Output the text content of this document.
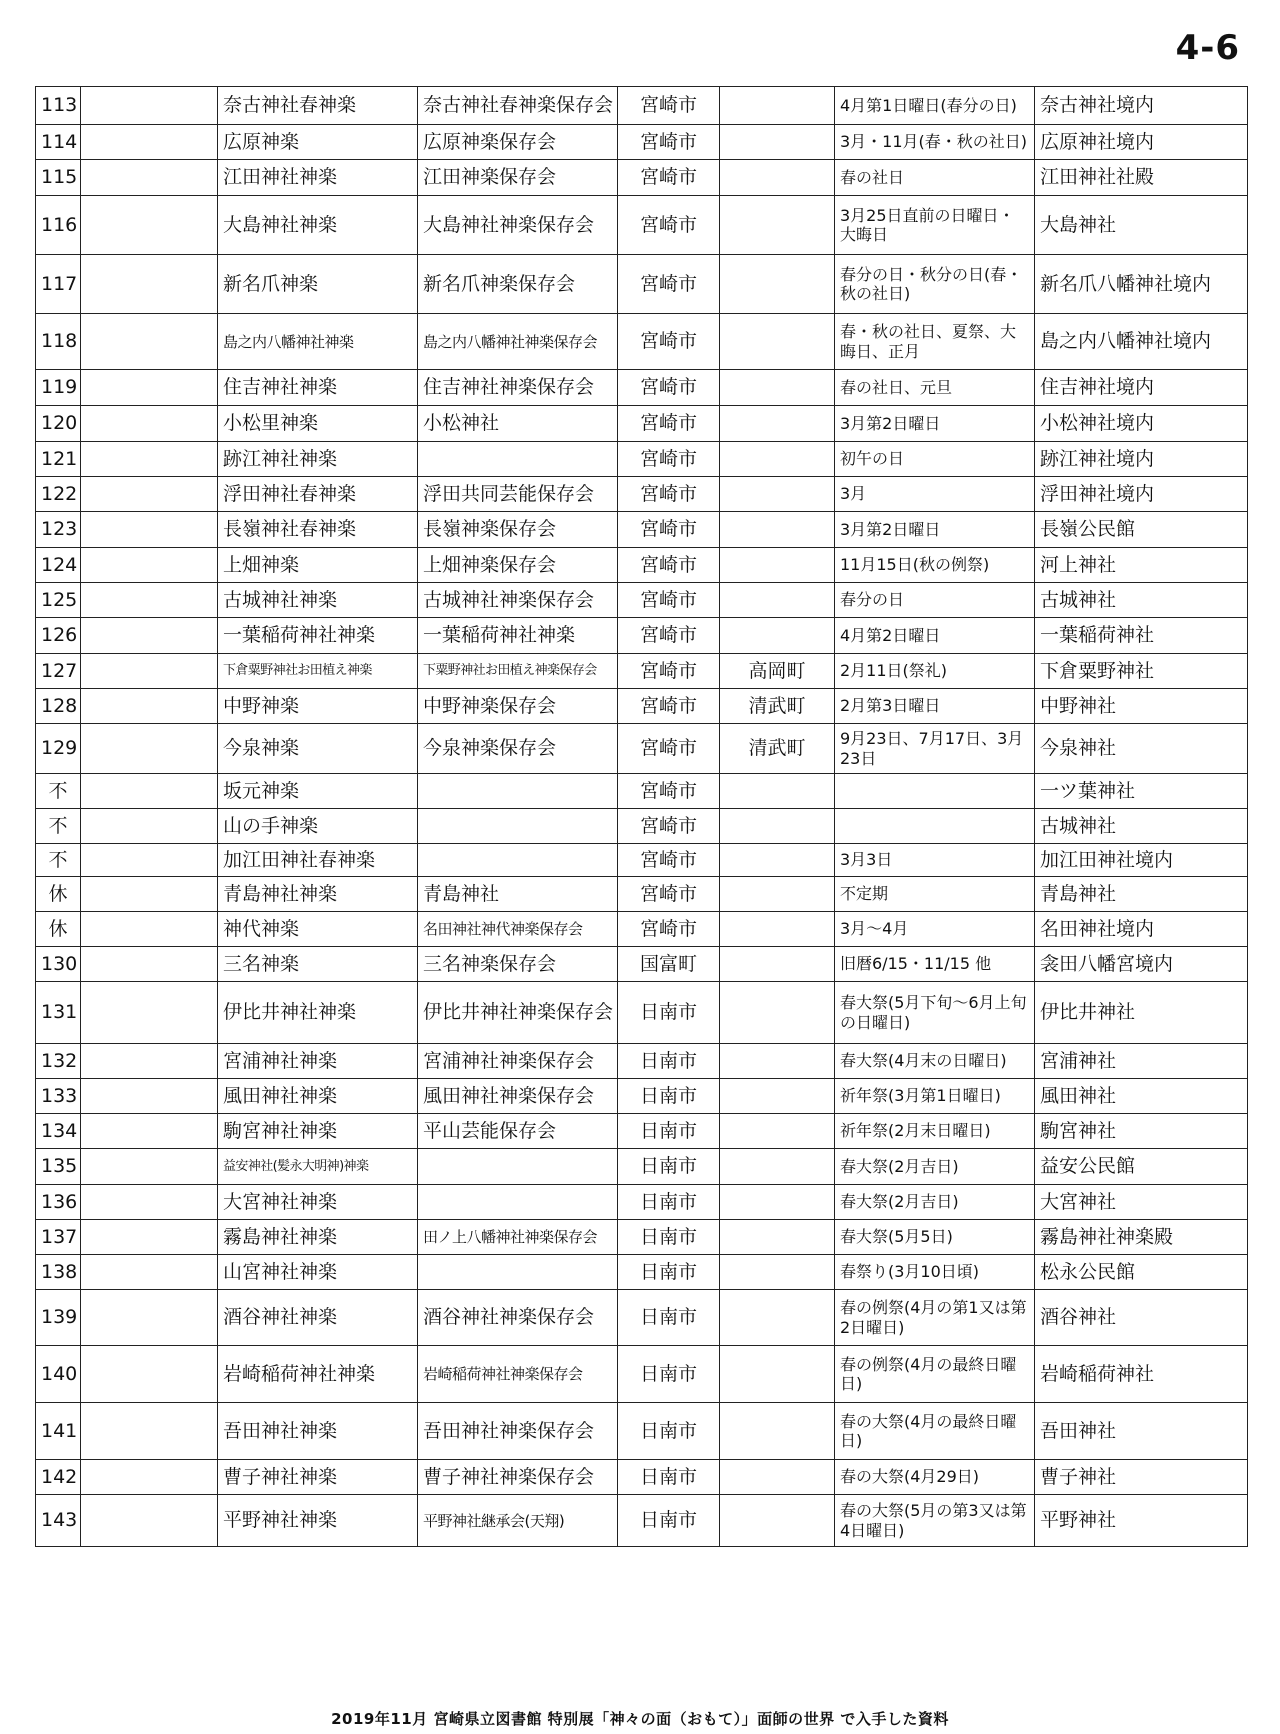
4-6
113		奈古神社春神楽	奈古神社春神楽保存会	宮崎市		4月第1日曜日(春分の日)	奈古神社境内
114		広原神楽	広原神楽保存会	宮崎市		3月・11月(春・秋の社日)	広原神社境内
115		江田神社神楽	江田神楽保存会	宮崎市		春の社日	江田神社社殿
116		大島神社神楽	大島神社神楽保存会	宮崎市		3月25日直前の日曜日・大晦日	大島神社
117		新名爪神楽	新名爪神楽保存会	宮崎市		春分の日・秋分の日(春・秋の社日)	新名爪八幡神社境内
118		島之内八幡神社神楽	島之内八幡神社神楽保存会	宮崎市		春・秋の社日、夏祭、大晦日、正月	島之内八幡神社境内
119		住吉神社神楽	住吉神社神楽保存会	宮崎市		春の社日、元旦	住吉神社境内
120		小松里神楽	小松神社	宮崎市		3月第2日曜日	小松神社境内
121		跡江神社神楽		宮崎市		初午の日	跡江神社境内
122		浮田神社春神楽	浮田共同芸能保存会	宮崎市		3月	浮田神社境内
123		長嶺神社春神楽	長嶺神楽保存会	宮崎市		3月第2日曜日	長嶺公民館
124		上畑神楽	上畑神楽保存会	宮崎市		11月15日(秋の例祭)	河上神社
125		古城神社神楽	古城神社神楽保存会	宮崎市		春分の日	古城神社
126		一葉稲荷神社神楽	一葉稲荷神社神楽	宮崎市		4月第2日曜日	一葉稲荷神社
127		下倉粟野神社お田植え神楽	下粟野神社お田植え神楽保存会	宮崎市	高岡町	2月11日(祭礼)	下倉粟野神社
128		中野神楽	中野神楽保存会	宮崎市	清武町	2月第3日曜日	中野神社
129		今泉神楽	今泉神楽保存会	宮崎市	清武町	9月23日、7月17日、3月23日	今泉神社
不		坂元神楽		宮崎市			一ツ葉神社
不		山の手神楽		宮崎市			古城神社
不		加江田神社春神楽		宮崎市		3月3日	加江田神社境内
休		青島神社神楽	青島神社	宮崎市		不定期	青島神社
休		神代神楽	名田神社神代神楽保存会	宮崎市		3月～4月	名田神社境内
130		三名神楽	三名神楽保存会	国富町		旧暦6/15・11/15 他	衾田八幡宮境内
131		伊比井神社神楽	伊比井神社神楽保存会	日南市		春大祭(5月下旬～6月上旬の日曜日)	伊比井神社
132		宮浦神社神楽	宮浦神社神楽保存会	日南市		春大祭(4月末の日曜日)	宮浦神社
133		風田神社神楽	風田神社神楽保存会	日南市		祈年祭(3月第1日曜日)	風田神社
134		駒宮神社神楽	平山芸能保存会	日南市		祈年祭(2月末日曜日)	駒宮神社
135		益安神社(髪永大明神)神楽		日南市		春大祭(2月吉日)	益安公民館
136		大宮神社神楽		日南市		春大祭(2月吉日)	大宮神社
137		霧島神社神楽	田ノ上八幡神社神楽保存会	日南市		春大祭(5月5日)	霧島神社神楽殿
138		山宮神社神楽		日南市		春祭り(3月10日頃)	松永公民館
139		酒谷神社神楽	酒谷神社神楽保存会	日南市		春の例祭(4月の第1又は第2日曜日)	酒谷神社
140		岩崎稲荷神社神楽	岩崎稲荷神社神楽保存会	日南市		春の例祭(4月の最終日曜日)	岩崎稲荷神社
141		吾田神社神楽	吾田神社神楽保存会	日南市		春の大祭(4月の最終日曜日)	吾田神社
142		曹子神社神楽	曹子神社神楽保存会	日南市		春の大祭(4月29日)	曹子神社
143		平野神社神楽	平野神社継承会(天翔)	日南市		春の大祭(5月の第3又は第4日曜日)	平野神社
2019年11月 宮崎県立図書館 特別展「神々の面（おもて）」面師の世界 で入手した資料
